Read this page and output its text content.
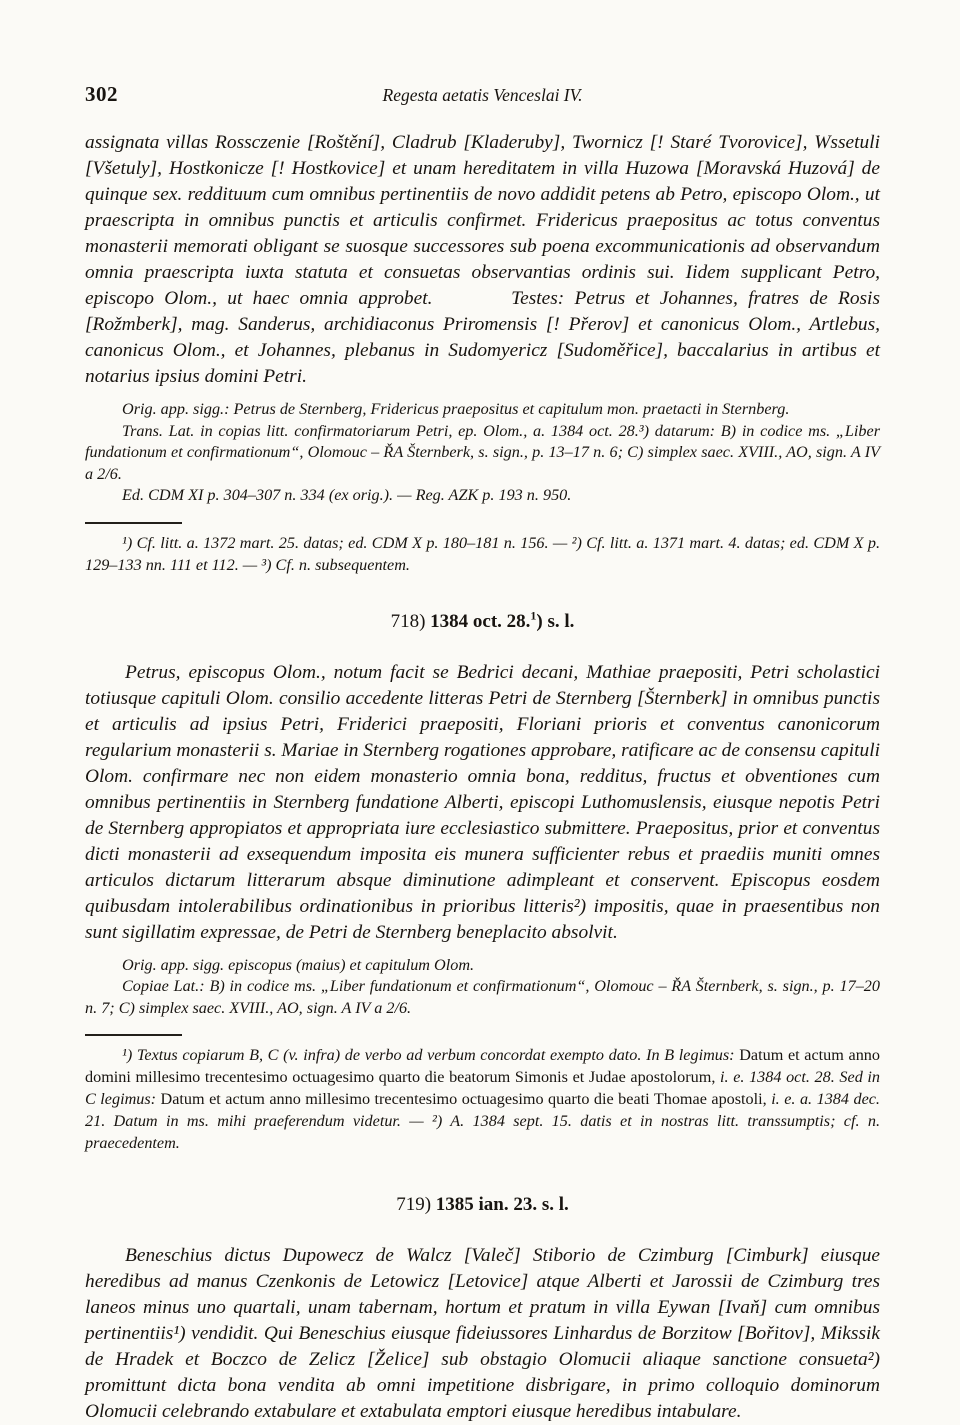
302	Regesta aetatis Venceslai IV.

assignata villas Rossczenie [Roštění], Cladrub [Kladeruby], Twornicz [! Staré Tvorovice], Wssetuli [Všetuly], Hostkonicze [! Hostkovice] et unam hereditatem in villa Huzowa [Moravská Huzová] de quinque sex. reddituum cum omnibus pertinentiis de novo addidit petens ab Petro, episcopo Olom., ut praescripta in omnibus punctis et articulis confirmet. Fridericus praepositus ac totus conventus monasterii memorati obligant se suosque successores sub poena excommunicationis ad observandum omnia praescripta iuxta statuta et consuetas observantias ordinis sui. Iidem supplicant Petro, episcopo Olom., ut haec omnia approbet.	Testes: Petrus et Johannes, fratres de Rosis [Rožmberk], mag. Sanderus, archidiaconus Priromensis [! Přerov] et canonicus Olom., Artlebus, canonicus Olom., et Johannes, plebanus in Sudomyericz [Sudoměřice], baccalarius in artibus et notarius ipsius domini Petri.

Orig. app. sigg.: Petrus de Sternberg, Fridericus praepositus et capitulum mon. praetacti in Sternberg.

Trans. Lat. in copias litt. confirmatoriarum Petri, ep. Olom., a. 1384 oct. 28.³) datarum: B) in codice ms. „Liber fundationum et confirmationum“, Olomouc – ŘA Šternberk, s. sign., p. 13–17 n. 6; C) simplex saec. XVIII., AO, sign. A IV a 2/6.

Ed. CDM XI p. 304–307 n. 334 (ex orig.). — Reg. AZK p. 193 n. 950.

¹) Cf. litt. a. 1372 mart. 25. datas; ed. CDM X p. 180–181 n. 156. — ²) Cf. litt. a. 1371 mart. 4. datas; ed. CDM X p. 129–133 nn. 111 et 112. — ³) Cf. n. subsequentem.

718) 1384 oct. 28.$^1$) s. l.

Petrus, episcopus Olom., notum facit se Bedrici decani, Mathiae praepositi, Petri scholastici totiusque capituli Olom. consilio accedente litteras Petri de Sternberg [Šternberk] in omnibus punctis et articulis ad ipsius Petri, Friderici praepositi, Floriani prioris et conventus canonicorum regularium monasterii s. Mariae in Sternberg rogationes approbare, ratificare ac de consensu capituli Olom. confirmare nec non eidem monasterio omnia bona, redditus, fructus et obventiones cum omnibus pertinentiis in Sternberg fundatione Alberti, episcopi Luthomuslensis, eiusque nepotis Petri de Sternberg appropiatos et appropriata iure ecclesiastico submittere. Praepositus, prior et conventus dicti monasterii ad exsequendum imposita eis munera sufficienter rebus et praediis muniti omnes articulos dictarum litterarum absque diminutione adimpleant et conservent. Episcopus eosdem quibusdam intolerabilibus ordinationibus in prioribus litteris²) impositis, quae in praesentibus non sunt sigillatim expressae, de Petri de Sternberg beneplacito absolvit.

Orig. app. sigg. episcopus (maius) et capitulum Olom.

Copiae Lat.: B) in codice ms. „Liber fundationum et confirmationum“, Olomouc – ŘA Šternberk, s. sign., p. 17–20 n. 7; C) simplex saec. XVIII., AO, sign. A IV a 2/6.

¹) Textus copiarum B, C (v. infra) de verbo ad verbum concordat exempto dato. In B legimus: Datum et actum anno domini millesimo trecentesimo octuagesimo quarto die beatorum Simonis et Judae apostolorum, i. e. 1384 oct. 28. Sed in C legimus: Datum et actum anno millesimo trecentesimo octuagesimo quarto die beati Thomae apostoli, i. e. a. 1384 dec. 21. Datum in ms. mihi praeferendum videtur. — ²) A. 1384 sept. 15. datis et in nostras litt. transsumptis; cf. n. praecedentem.

719) 1385 ian. 23. s. l.

Beneschius dictus Dupowecz de Walcz [Valeč] Stiborio de Czimburg [Cimburk] eiusque heredibus ad manus Czenkonis de Letowicz [Letovice] atque Alberti et Jarossii de Czimburg tres laneos minus uno quartali, unam tabernam, hortum et pratum in villa Eywan [Ivaň] cum omnibus pertinentiis¹) vendidit. Qui Beneschius eiusque fideiussores Linhardus de Borzitow [Bořitov], Mikssik de Hradek et Boczco de Zelicz [Želice] sub obstagio Olomucii aliaque sanctione consueta²) promittunt dicta bona vendita ab omni impetitione disbrigare, in primo colloquio dominorum Olomucii celebrando extabulare et extabulata emptori eiusque heredibus intabulare.
